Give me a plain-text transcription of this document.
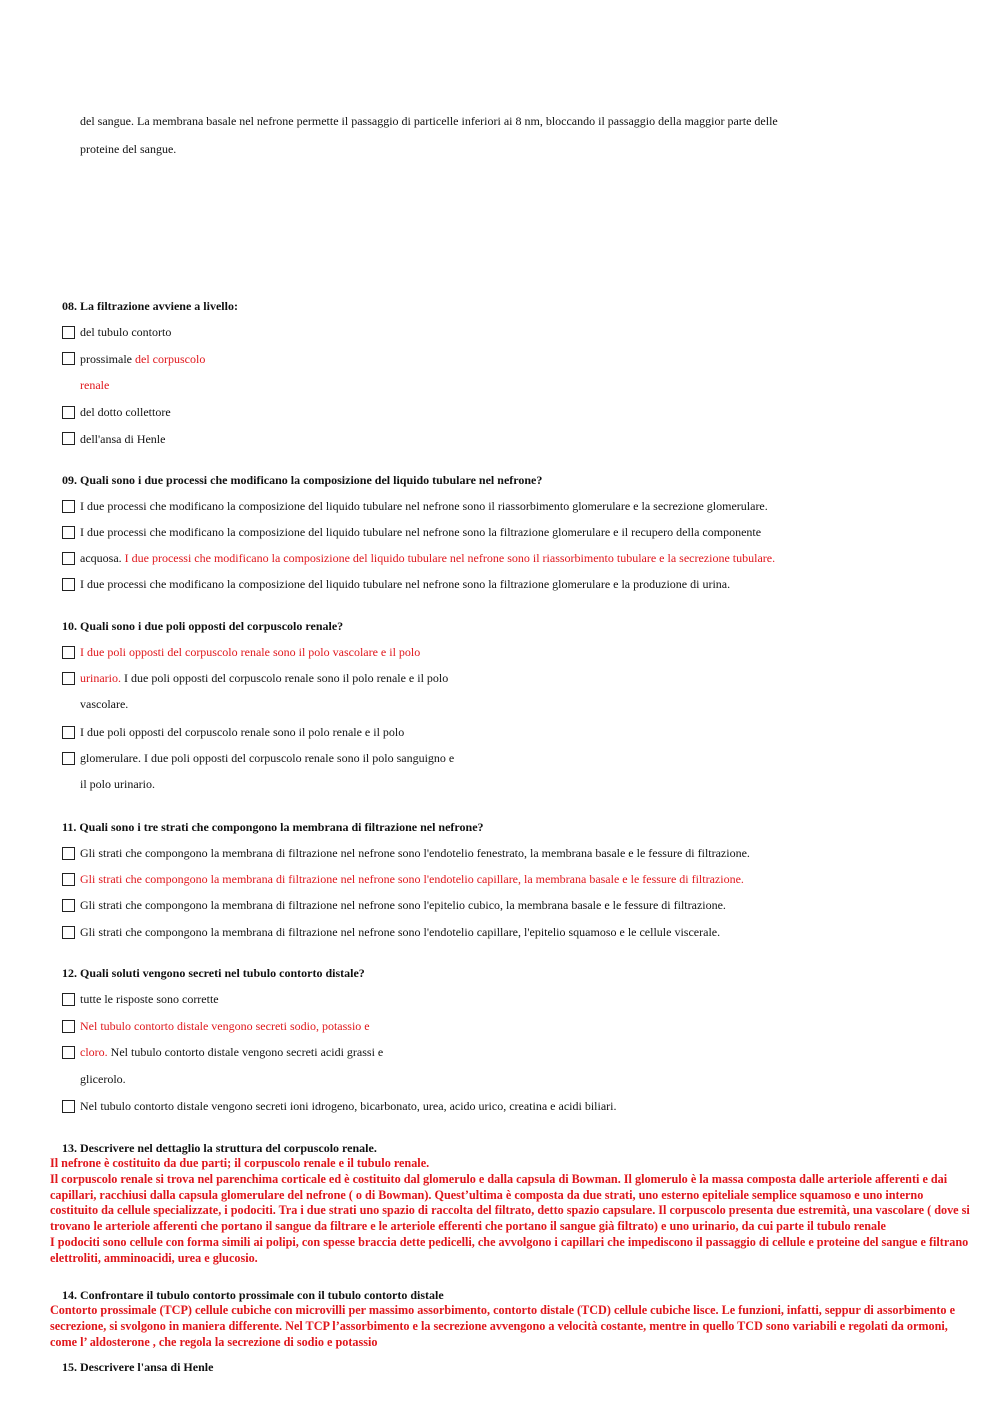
del sangue. La membrana basale nel nefrone permette il passaggio di particelle inferiori ai 8 nm, bloccando il passaggio della maggior parte delle
proteine del sangue.
08. La filtrazione avviene a livello:
del tubulo contorto
prossimale del corpuscolo
renale
del dotto collettore
dell'ansa di Henle
09. Quali sono i due processi che modificano la composizione del liquido tubulare nel nefrone?
I due processi che modificano la composizione del liquido tubulare nel nefrone sono il riassorbimento glomerulare e la secrezione glomerulare.
I due processi che modificano la composizione del liquido tubulare nel nefrone sono la filtrazione glomerulare e il recupero della componente
acquosa. I due processi che modificano la composizione del liquido tubulare nel nefrone sono il riassorbimento tubulare e la secrezione tubulare.
I due processi che modificano la composizione del liquido tubulare nel nefrone sono la filtrazione glomerulare e la produzione di urina.
10. Quali sono i due poli opposti del corpuscolo renale?
I due poli opposti del corpuscolo renale sono il polo vascolare e il polo
urinario. I due poli opposti del corpuscolo renale sono il polo renale e il polo
vascolare.
I due poli opposti del corpuscolo renale sono il polo renale e il polo
glomerulare. I due poli opposti del corpuscolo renale sono il polo sanguigno e
il polo urinario.
11. Quali sono i tre strati che compongono la membrana di filtrazione nel nefrone?
Gli strati che compongono la membrana di filtrazione nel nefrone sono l'endotelio fenestrato, la membrana basale e le fessure di filtrazione.
Gli strati che compongono la membrana di filtrazione nel nefrone sono l'endotelio capillare, la membrana basale e le fessure di filtrazione.
Gli strati che compongono la membrana di filtrazione nel nefrone sono l'epitelio cubico, la membrana basale e le fessure di filtrazione.
Gli strati che compongono la membrana di filtrazione nel nefrone sono l'endotelio capillare, l'epitelio squamoso e le cellule viscerale.
12. Quali soluti vengono secreti nel tubulo contorto distale?
tutte le risposte sono corrette
Nel tubulo contorto distale vengono secreti sodio, potassio e
cloro. Nel tubulo contorto distale vengono secreti acidi grassi e
glicerolo.
Nel tubulo contorto distale vengono secreti ioni idrogeno, bicarbonato, urea, acido urico, creatina e acidi biliari.
13. Descrivere nel dettaglio la struttura del corpuscolo renale.
Il nefrone è costituito da due parti; il corpuscolo renale e il tubulo renale.
Il corpuscolo renale si trova nel parenchima corticale ed è costituito dal glomerulo e dalla capsula di Bowman. Il glomerulo è la massa composta dalle arteriole afferenti e dai capillari, racchiusi dalla capsula glomerulare del nefrone ( o di Bowman). Quest’ultima è composta da due strati, uno esterno epiteliale semplice squamoso e uno interno costituito da cellule specializzate, i podociti. Tra i due strati uno spazio di raccolta del filtrato, detto spazio capsulare. Il corpuscolo presenta due estremità, una vascolare ( dove si trovano le arteriole afferenti che portano il sangue da filtrare e le arteriole efferenti che portano il sangue già filtrato) e uno urinario, da cui parte il tubulo renale
I podociti sono cellule con forma simili ai polipi, con spesse braccia dette pedicelli, che avvolgono i capillari che impediscono il passaggio di cellule e proteine del sangue e filtrano elettroliti, amminoacidi, urea e glucosio.
14. Confrontare il tubulo contorto prossimale con il tubulo contorto distale
Contorto prossimale (TCP) cellule cubiche con microvilli per massimo assorbimento, contorto distale (TCD) cellule cubiche lisce. Le funzioni, infatti, seppur di assorbimento e secrezione, si svolgono in maniera differente. Nel TCP l’assorbimento e la secrezione avvengono a velocità costante, mentre in quello TCD sono variabili e regolati da ormoni, come l’ aldosterone , che regola la secrezione di sodio e potassio
15. Descrivere l'ansa di Henle
